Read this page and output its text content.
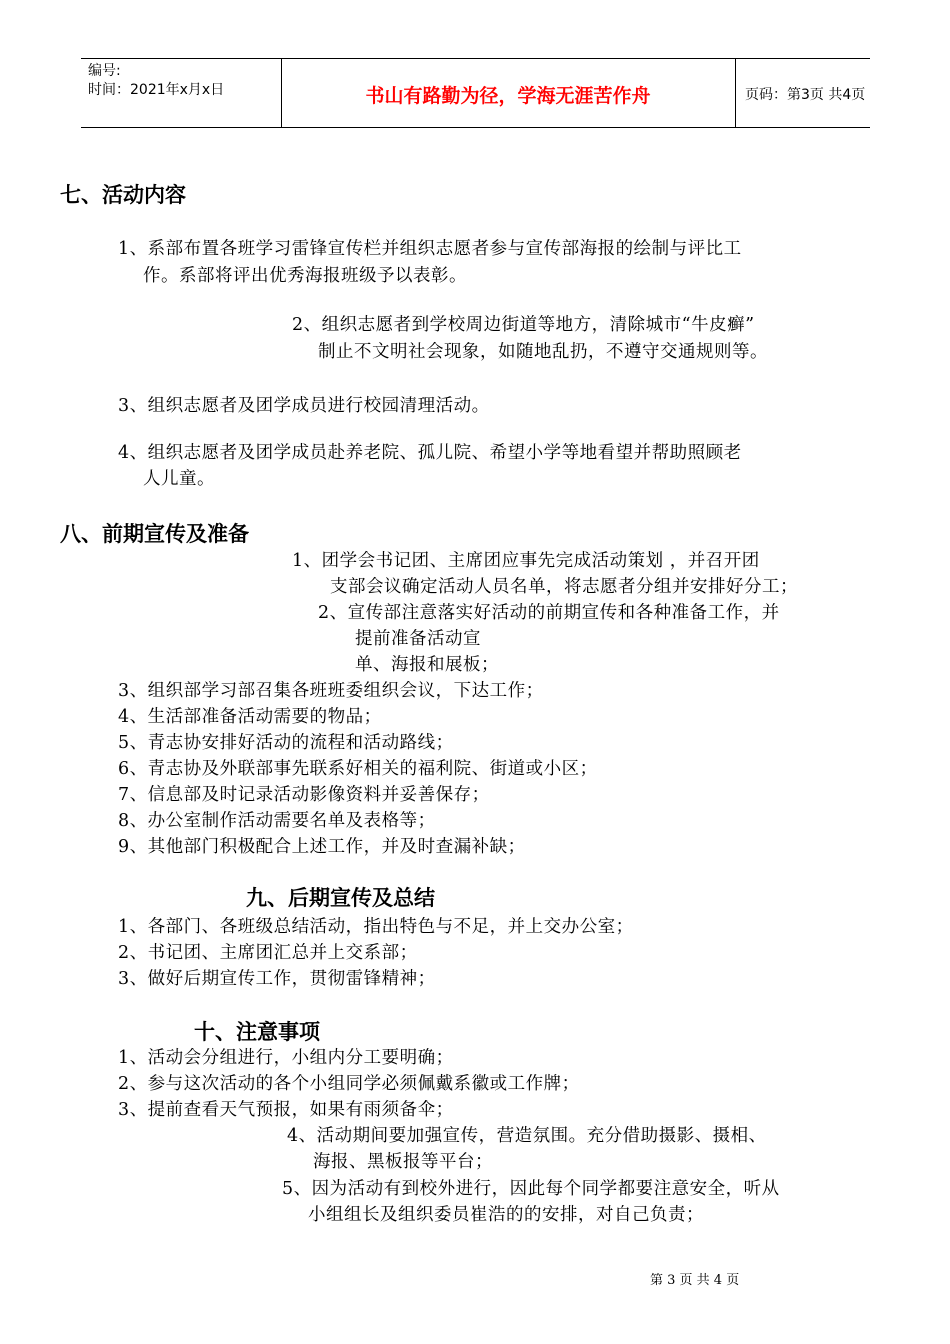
编号:
时间：2021年x月x日	书山有路勤为径，学海无涯苦作舟	页码：第3页 共4页
七、活动内容
1、系部布置各班学习雷锋宣传栏并组织志愿者参与宣传部海报的绘制与评比工
作。系部将评出优秀海报班级予以表彰。
2、组织志愿者到学校周边街道等地方，清除城市“牛皮癣”
制止不文明社会现象，如随地乱扔，不遵守交通规则等。
3、组织志愿者及团学成员进行校园清理活动。
4、组织志愿者及团学成员赴养老院、孤儿院、希望小学等地看望并帮助照顾老
人儿童。
八、前期宣传及准备
1、团学会书记团、主席团应事先完成活动策划 ，并召开团
支部会议确定活动人员名单，将志愿者分组并安排好分工；
2、宣传部注意落实好活动的前期宣传和各种准备工作，并
提前准备活动宣
单、海报和展板；
3、组织部学习部召集各班班委组织会议，下达工作；
4、生活部准备活动需要的物品；
5、青志协安排好活动的流程和活动路线；
6、青志协及外联部事先联系好相关的福利院、街道或小区；
7、信息部及时记录活动影像资料并妥善保存；
8、办公室制作活动需要名单及表格等；
9、其他部门积极配合上述工作，并及时查漏补缺；
九、后期宣传及总结
1、各部门、各班级总结活动，指出特色与不足，并上交办公室；
2、书记团、主席团汇总并上交系部；
3、做好后期宣传工作，贯彻雷锋精神；
十、注意事项
1、活动会分组进行，小组内分工要明确；
2、参与这次活动的各个小组同学必须佩戴系徽或工作牌；
3、提前查看天气预报，如果有雨须备伞；
4、活动期间要加强宣传，营造氛围。充分借助摄影、摄相、
海报、黑板报等平台；
5、因为活动有到校外进行，因此每个同学都要注意安全，听从
小组组长及组织委员崔浩的的安排，对自己负责；
第 3 页 共 4 页
